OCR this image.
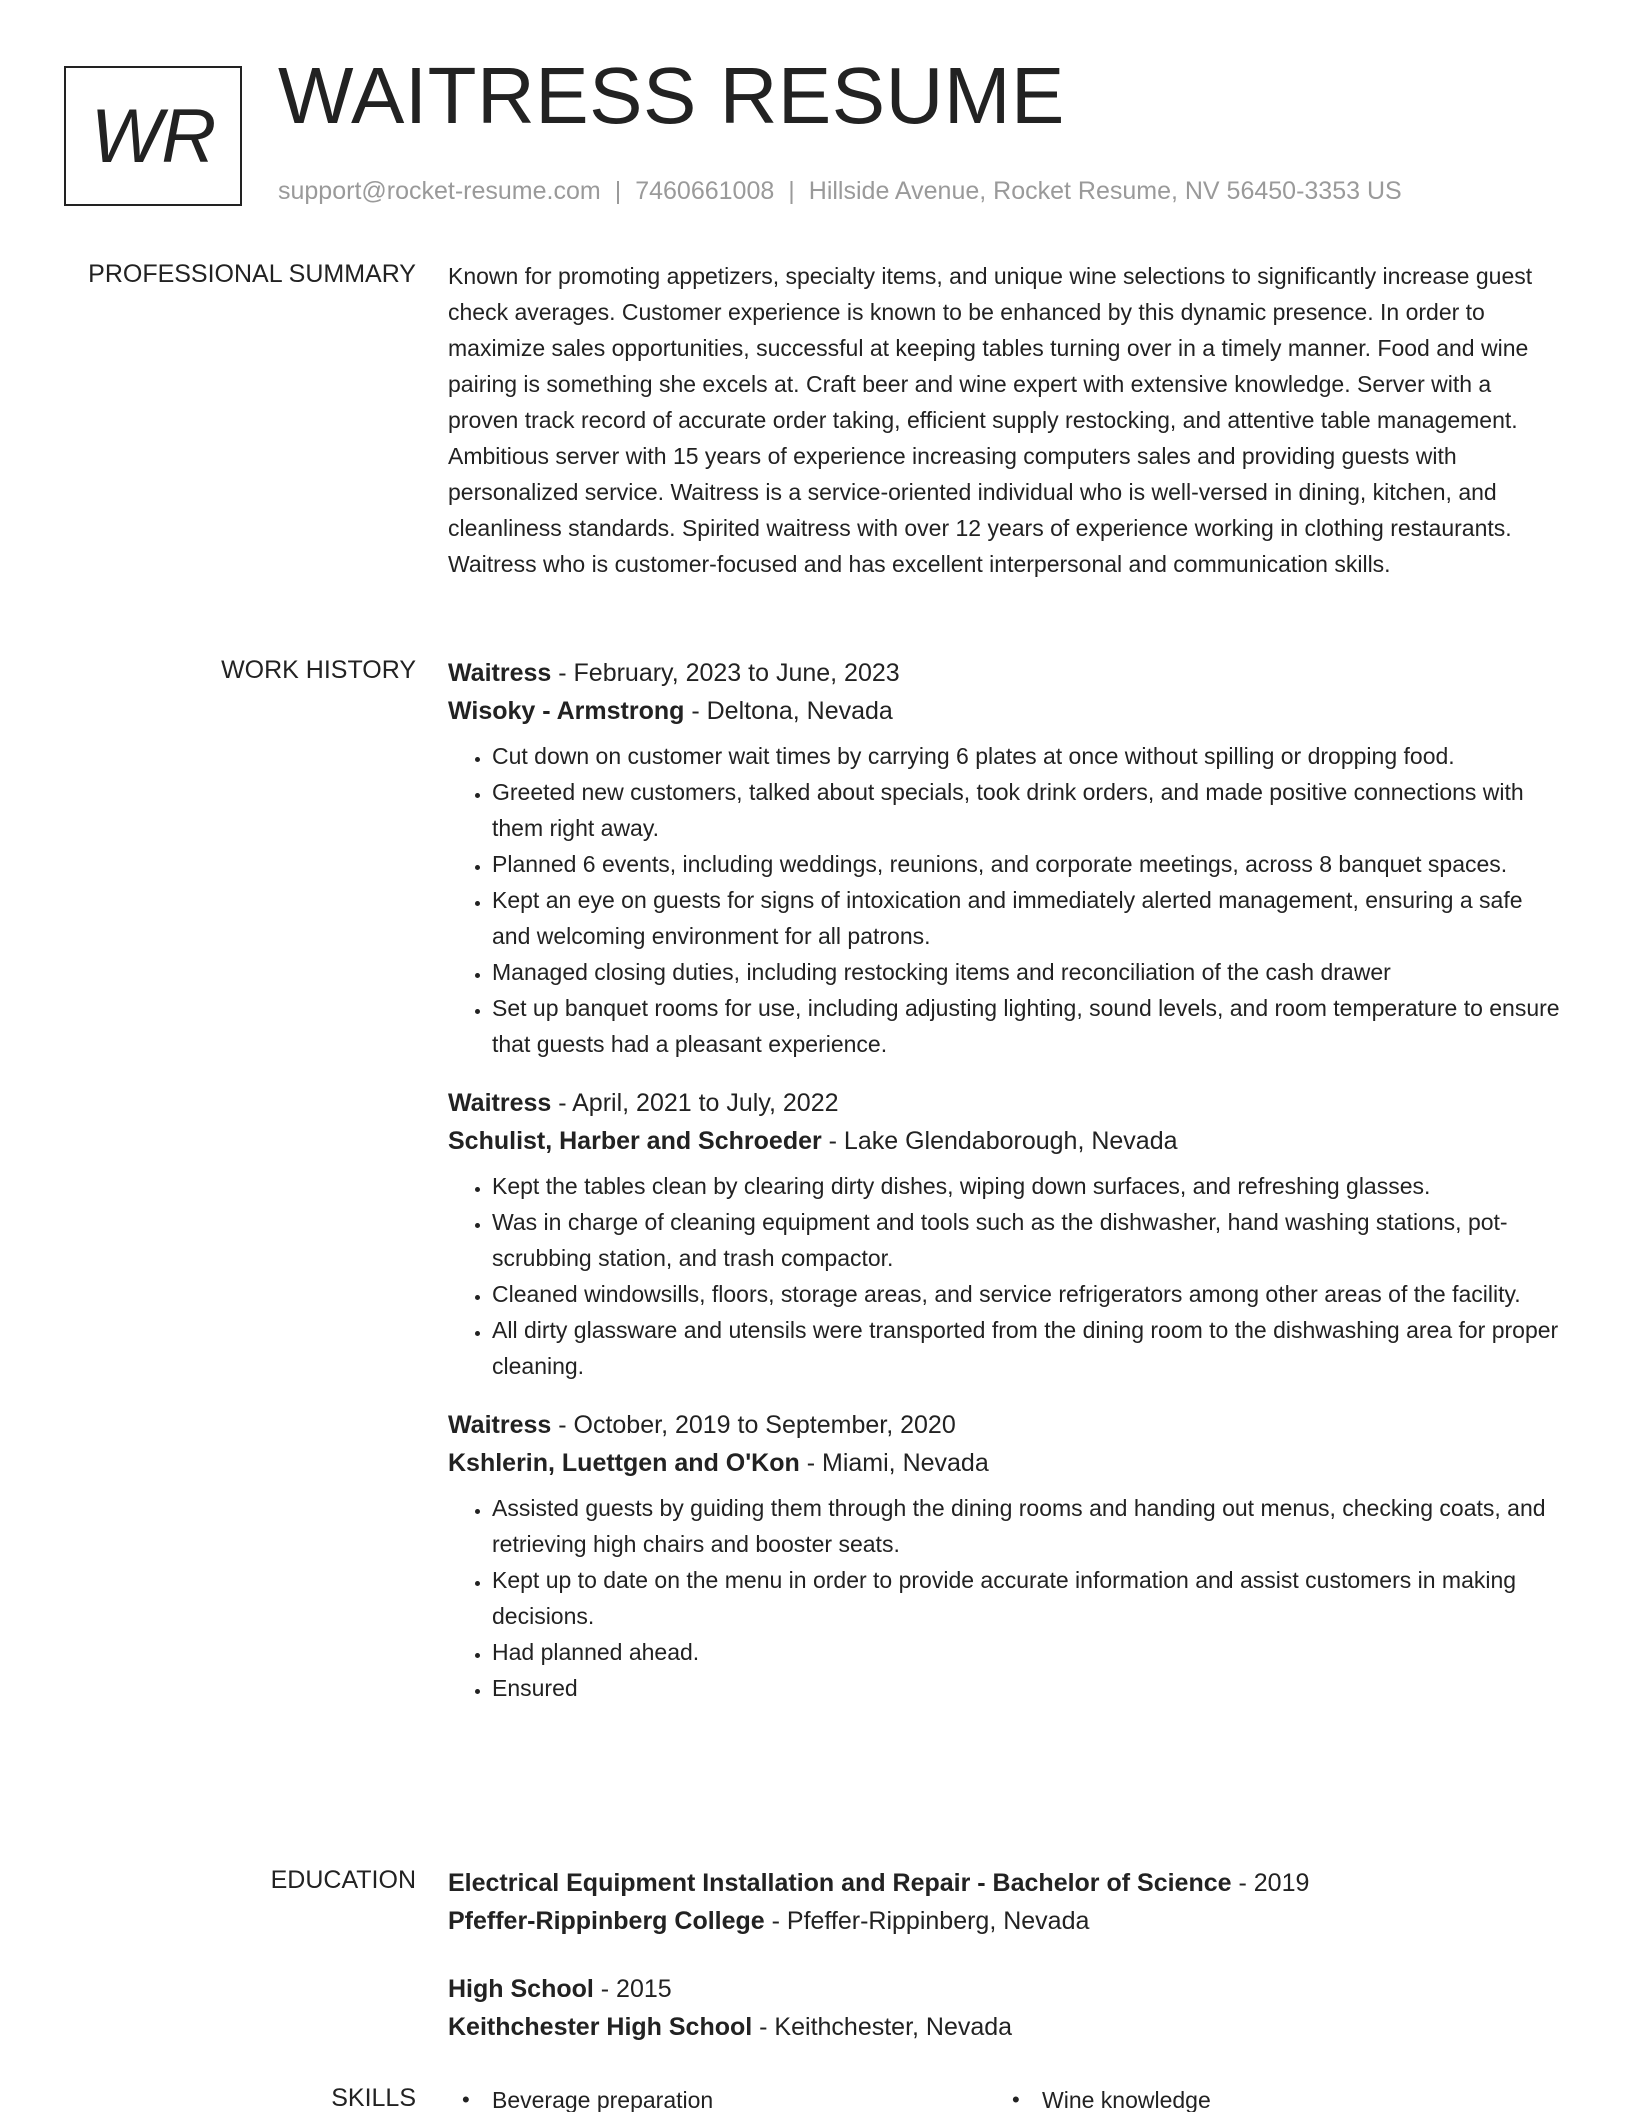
WR WAITRESS RESUME
support@rocket-resume.com | 7460661008 | Hillside Avenue, Rocket Resume, NV 56450-3353 US
PROFESSIONAL SUMMARY Known for promoting appetizers, specialty items, and unique wine selections to significantly increase guest check averages. Customer experience is known to be enhanced by this dynamic presence. In order to maximize sales opportunities, successful at keeping tables turning over in a timely manner. Food and wine pairing is something she excels at. Craft beer and wine expert with extensive knowledge. Server with a proven track record of accurate order taking, efficient supply restocking, and attentive table management. Ambitious server with 15 years of experience increasing computers sales and providing guests with personalized service. Waitress is a service-oriented individual who is well-versed in dining, kitchen, and cleanliness standards. Spirited waitress with over 12 years of experience working in clothing restaurants. Waitress who is customer-focused and has excellent interpersonal and communication skills.

WORK HISTORY Waitress - February, 2023 to June, 2023
Wisoky - Armstrong - Deltona, Nevada
• Cut down on customer wait times by carrying 6 plates at once without spilling or dropping food.
• Greeted new customers, talked about specials, took drink orders, and made positive connections with them right away.
• Planned 6 events, including weddings, reunions, and corporate meetings, across 8 banquet spaces.
• Kept an eye on guests for signs of intoxication and immediately alerted management, ensuring a safe and welcoming environment for all patrons.
• Managed closing duties, including restocking items and reconciliation of the cash drawer
• Set up banquet rooms for use, including adjusting lighting, sound levels, and room temperature to ensure that guests had a pleasant experience.
Waitress - April, 2021 to July, 2022
Schulist, Harber and Schroeder - Lake Glendaborough, Nevada
• Kept the tables clean by clearing dirty dishes, wiping down surfaces, and refreshing glasses.
• Was in charge of cleaning equipment and tools such as the dishwasher, hand washing stations, pot-scrubbing station, and trash compactor.
• Cleaned windowsills, floors, storage areas, and service refrigerators among other areas of the facility.
• All dirty glassware and utensils were transported from the dining room to the dishwashing area for proper cleaning.
Waitress - October, 2019 to September, 2020
Kshlerin, Luettgen and O'Kon - Miami, Nevada
• Assisted guests by guiding them through the dining rooms and handing out menus, checking coats, and retrieving high chairs and booster seats.
• Kept up to date on the menu in order to provide accurate information and assist customers in making decisions.
• Had planned ahead.
• Ensured
EDUCATION Electrical Equipment Installation and Repair - Bachelor of Science - 2019
Pfeffer-Rippinberg College - Pfeffer-Rippinberg, Nevada
High School - 2015
Keithchester High School - Keithchester, Nevada
SKILLS	• Beverage preparation	• Wine knowledge
